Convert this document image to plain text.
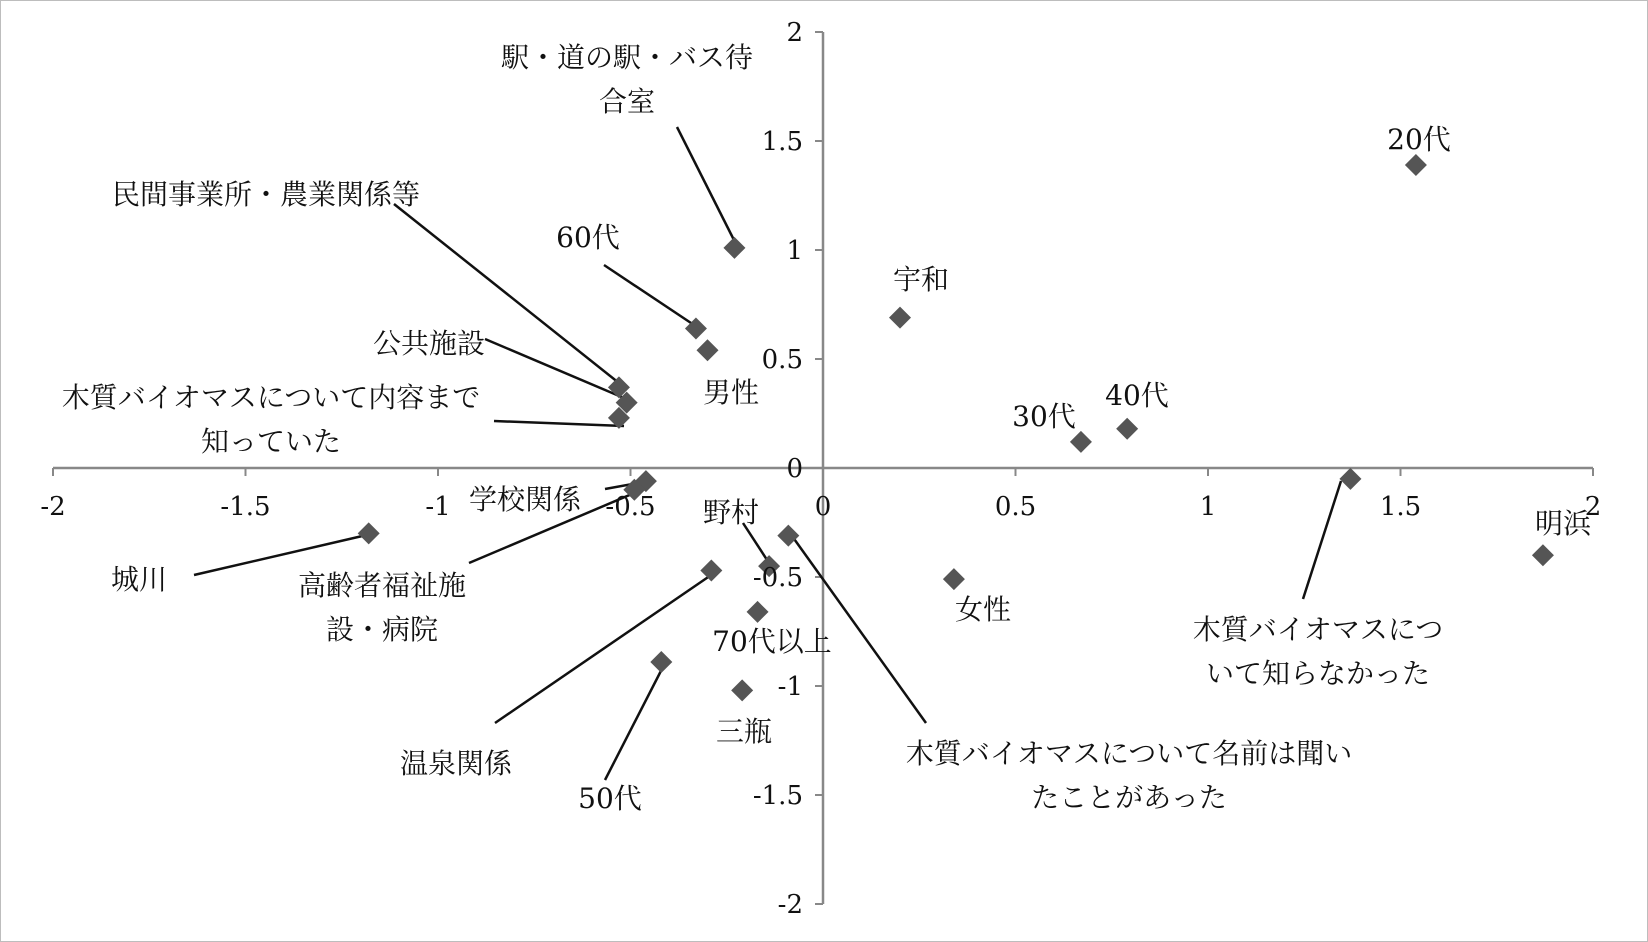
-2	-1.5	-1	-0.5	0	0.5	1	1.5	2
2
1.5
1
0.5
0
-0.5
-1
-1.5
-2
20代
宇和
30代
40代
女性
明浜
木質バイオマスにつ
いて知らなかった
駅・道の駅・バス待
合室
60代
男性
民間事業所・農業関係等
公共施設
木質バイオマスについて内容まで
知っていた
学校関係
高齢者福祉施
設・病院
城川
野村
木質バイオマスについて名前は聞い
たことがあった
温泉関係
70代以上
50代
三瓶
